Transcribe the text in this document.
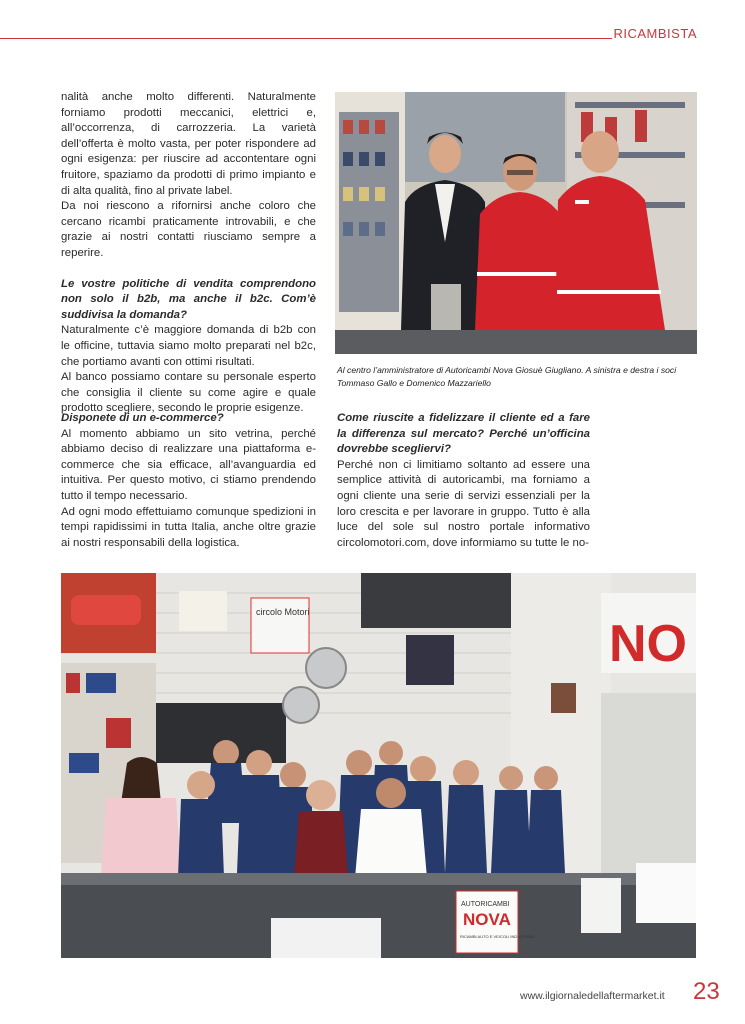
RICAMBISTA

nalità anche molto differenti. Naturalmente forniamo prodotti meccanici, elettrici e, all’occorrenza, di carrozzeria. La varietà dell’offerta è molto vasta, per poter rispondere ad ogni esigenza: per riuscire ad accontentare ogni fruitore, spaziamo da prodotti di primo impianto e di alta qualità, fino al private label.

Da noi riescono a rifornirsi anche coloro che cercano ricambi praticamente introvabili, e che grazie ai nostri contatti riusciamo sempre a reperire.

Le vostre politiche di vendita comprendono non solo il b2b, ma anche il b2c. Com’è suddivisa la domanda?

Naturalmente c’è maggiore domanda di b2b con le officine, tuttavia siamo molto preparati nel b2c, che portiamo avanti con ottimi risultati.

Al banco possiamo contare su personale esperto che consiglia il cliente su come agire e quale prodotto scegliere, secondo le proprie esigenze.

Al centro l’amministratore di Autoricambi Nova Giosuè Giugliano. A sinistra e destra i soci Tommaso Gallo e Domenico Mazzariello

Disponete di un e-commerce?

Al momento abbiamo un sito vetrina, perché abbiamo deciso di realizzare una piattaforma e-commerce che sia efficace, all’avanguardia ed intuitiva. Per questo motivo, ci stiamo prendendo tutto il tempo necessario.

Ad ogni modo effettuiamo comunque spedizioni in tempi rapidissimi in tutta Italia, anche oltre grazie ai nostri responsabili della logistica.

Come riuscite a fidelizzare il cliente ed a fare la differenza sul mercato? Perché un’officina dovrebbe scegliervi?

Perché non ci limitiamo soltanto ad essere una semplice attività di autoricambi, ma forniamo a ogni cliente una serie di servizi essenziali per la loro crescita e per lavorare in gruppo. Tutto è alla luce del sole sul nostro portale informativo circolomotori.com, dove informiamo su tutte le no-

circolo Motori
NO
AUTORICAMBI
NOVA
RICAMBI AUTO E VEICOLI INDUSTRIALI
www.ilgiornaledellaftermarket.it 23
